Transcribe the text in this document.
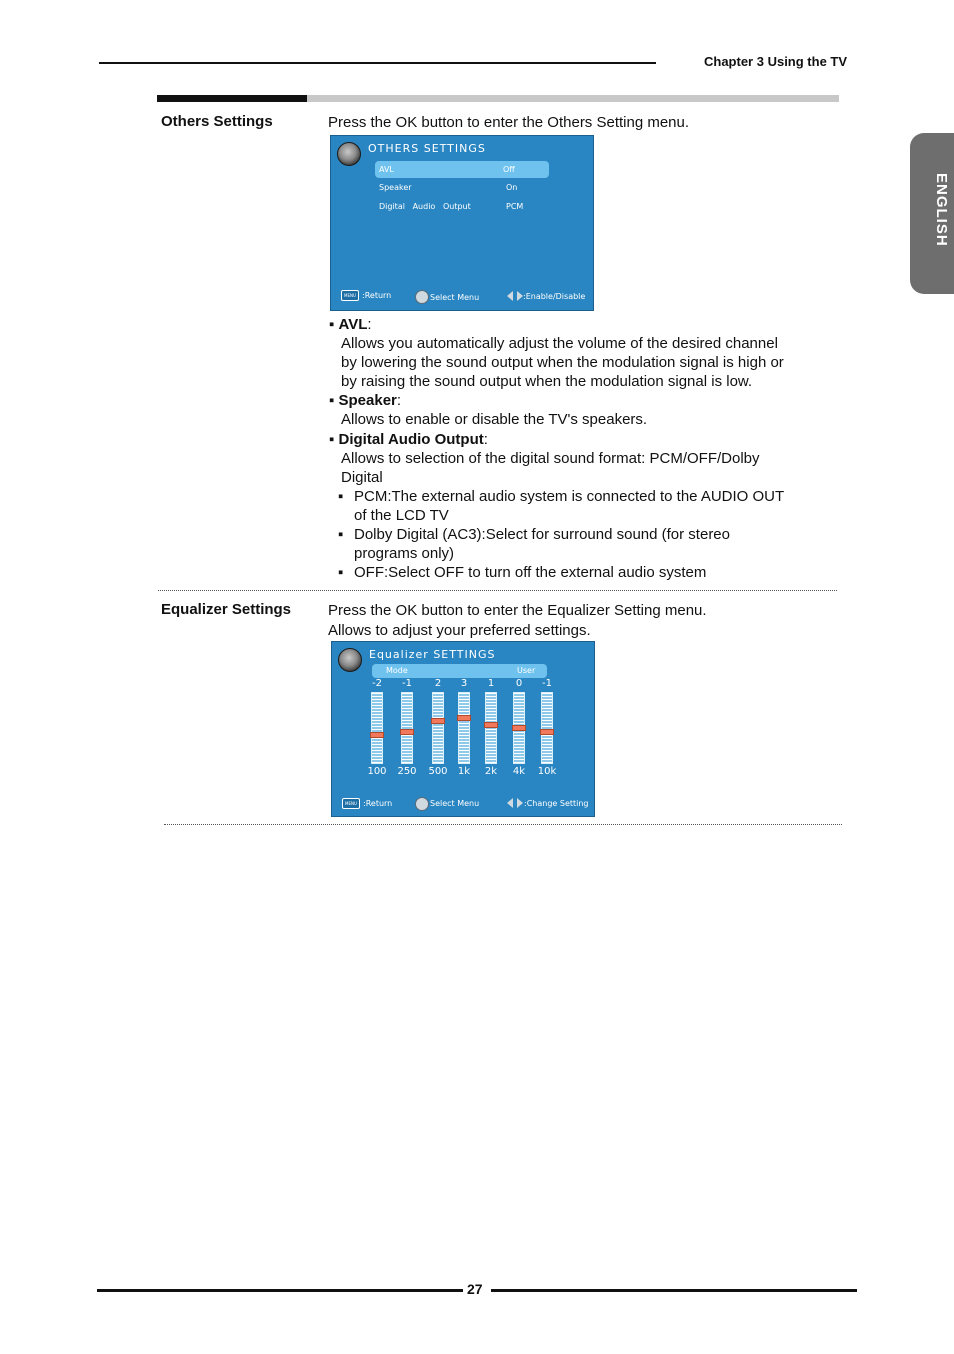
Chapter 3 Using the TV
ENGLISH
Others Settings	Press the OK button to enter the Others Setting menu.
OTHERS SETTINGS
AVL	Off
Speaker	On
Digital   Audio   Output	PCM
MENU :Return	Select Menu	:Enable/Disable
▪ AVL:
Allows you automatically adjust the volume of the desired channel
by lowering the sound output when the modulation signal is high or
by raising the sound output when the modulation signal is low.
▪ Speaker:
Allows to enable or disable the TV's speakers.
▪ Digital Audio Output:
Allows to selection of the digital sound format: PCM/OFF/Dolby
Digital
▪ PCM:The external audio system is connected to the AUDIO OUT
of the LCD TV
▪ Dolby Digital (AC3):Select for surround sound (for stereo
programs only)
▪ OFF:Select OFF to turn off the external audio system
Equalizer Settings Press the OK button to enter the Equalizer Setting menu.
Allows to adjust your preferred settings.
Equalizer SETTINGS
Mode	User
MENU :Return	Select Menu	:Change Setting
-2
100
-1
250
2
500
3
1k
1
2k
0
4k
-1
10k
27
